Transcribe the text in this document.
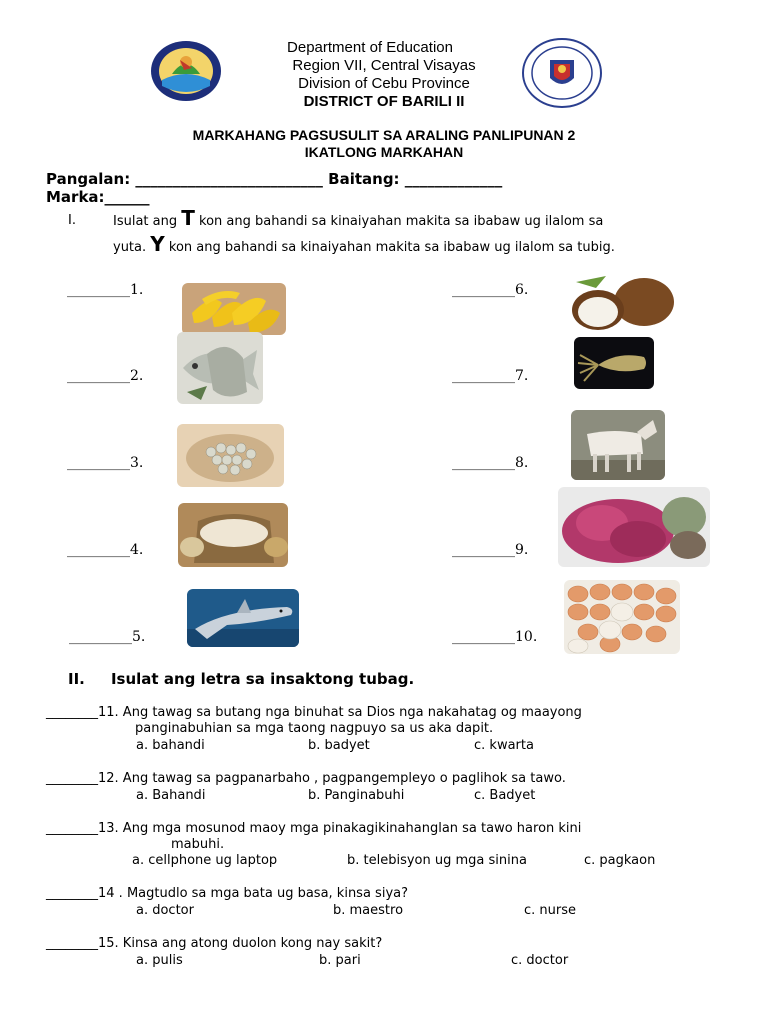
Department of Education
Region VII, Central Visayas
Division of Cebu Province
DISTRICT OF BARILI II
MARKAHANG PAGSUSULIT SA ARALING PANLIPUNAN 2
IKATLONG MARKAHAN
Pangalan: _________________________ Baitang: _____________
Marka:______
I.	Isulat ang T kon ang bahandi sa kinaiyahan makita sa ibabaw ug ilalom sa
yuta. Y kon ang bahandi sa kinaiyahan makita sa ibabaw ug ilalom sa tubig.
_________1.
_________2.
_________3.
_________4.
_________5.
_________6.
_________7.
_________8.
_________9.
_________10.
II.     Isulat ang letra sa insaktong tubag.
________11. Ang tawag sa butang nga binuhat sa Dios nga nakahatag og maayong
panginabuhian sa mga taong nagpuyo sa us aka dapit.
a. bahandi	b. badyet	c. kwarta
________12. Ang tawag sa pagpanarbaho , pagpangempleyo o paglihok sa tawo.
a. Bahandi	b. Panginabuhi	c. Badyet
________13. Ang mga mosunod maoy mga pinakagikinahanglan sa tawo haron kini
mabuhi.
a. cellphone ug laptop	b. telebisyon ug mga sinina	c. pagkaon
________14 . Magtudlo sa mga bata ug basa, kinsa siya?
a. doctor	b. maestro	c. nurse
________15. Kinsa ang atong duolon kong nay sakit?
a. pulis	b. pari	c. doctor
